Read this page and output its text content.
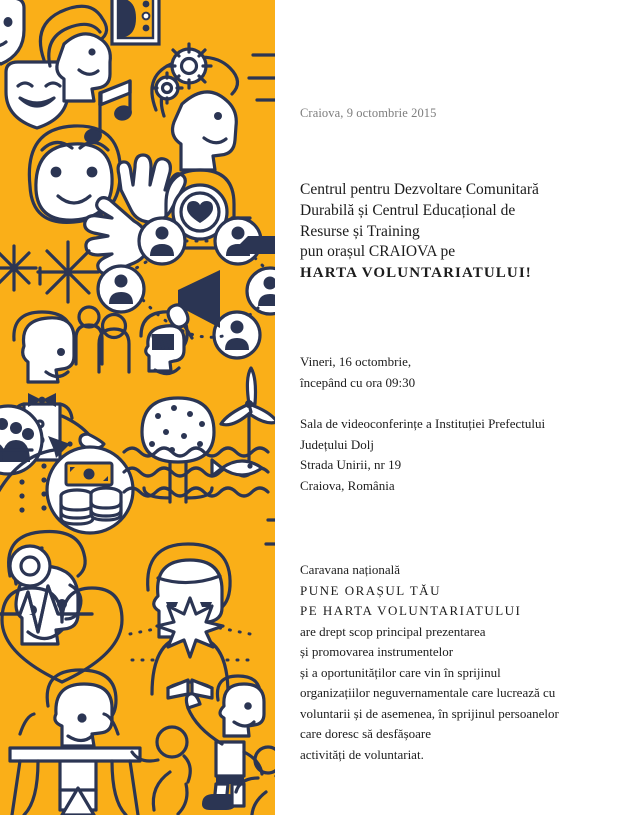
Craiova, 9 octombrie 2015
Centrul pentru Dezvoltare Comunitară
Durabilă și Centrul Educațional de
Resurse și Training
pun orașul CRAIOVA pe
HARTA VOLUNTARIATULUI!
Vineri, 16 octombrie,
începând cu ora 09:30
Sala de videoconferințe a Instituției Prefectului
Județului Dolj
Strada Unirii, nr 19
Craiova, România
Caravana națională
PUNE ORAȘUL TĂU
PE HARTA VOLUNTARIATULUI
are drept scop principal prezentarea
și promovarea instrumentelor
și a oportunităților care vin în sprijinul
organizațiilor neguvernamentale care lucrează cu
voluntarii și de asemenea, în sprijinul persoanelor
care doresc să desfășoare
activități de voluntariat.
